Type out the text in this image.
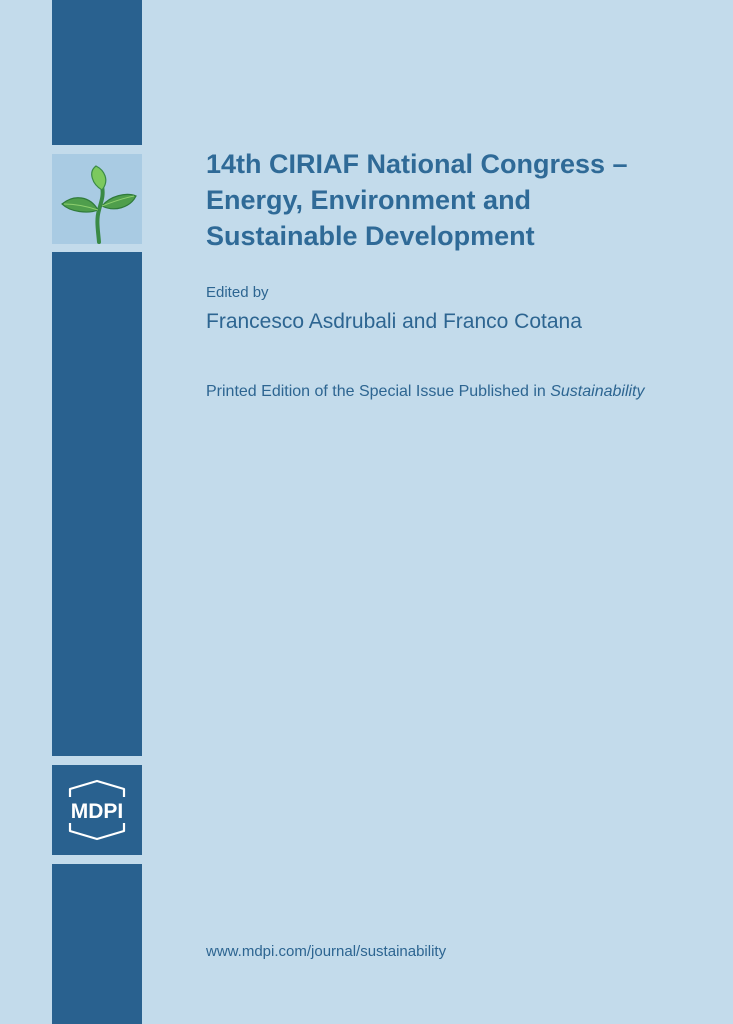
MDPI
14th CIRIAF National Congress –
Energy, Environment and
Sustainable Development
Edited by
Francesco Asdrubali and Franco Cotana
Printed Edition of the Special Issue Published in Sustainability
www.mdpi.com/journal/sustainability
